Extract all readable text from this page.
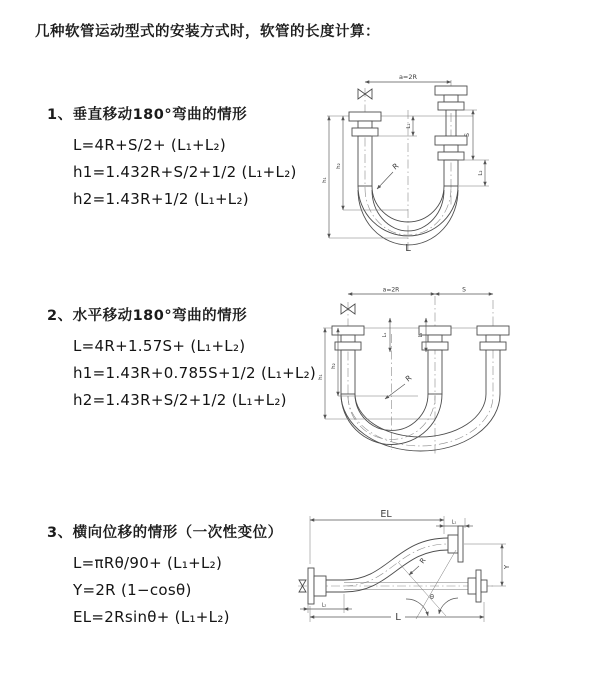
几种软管运动型式的安装方式时，软管的长度计算：
1、垂直移动180°弯曲的情形

L=4R+S/2+ (L₁+L₂)

h1=1.432R+S/2+1/2 (L₁+L₂)

h2=1.43R+1/2 (L₁+L₂)

2、水平移动180°弯曲的情形

L=4R+1.57S+ (L₁+L₂)

h1=1.43R+0.785S+1/2 (L₁+L₂)

h2=1.43R+S/2+1/2 (L₁+L₂)

3、横向位移的情形（一次性变位）

L=πRθ/90+ (L₁+L₂)

Y=2R (1−cosθ)

EL=2Rsinθ+ (L₁+L₂)

a=2R
R
h₁
h₂
L₁
S
L₂
L
a=2R	S
R
h₁
h₂
L₁	L₂
θ
R
EL
L₁
Y
L₂
L
